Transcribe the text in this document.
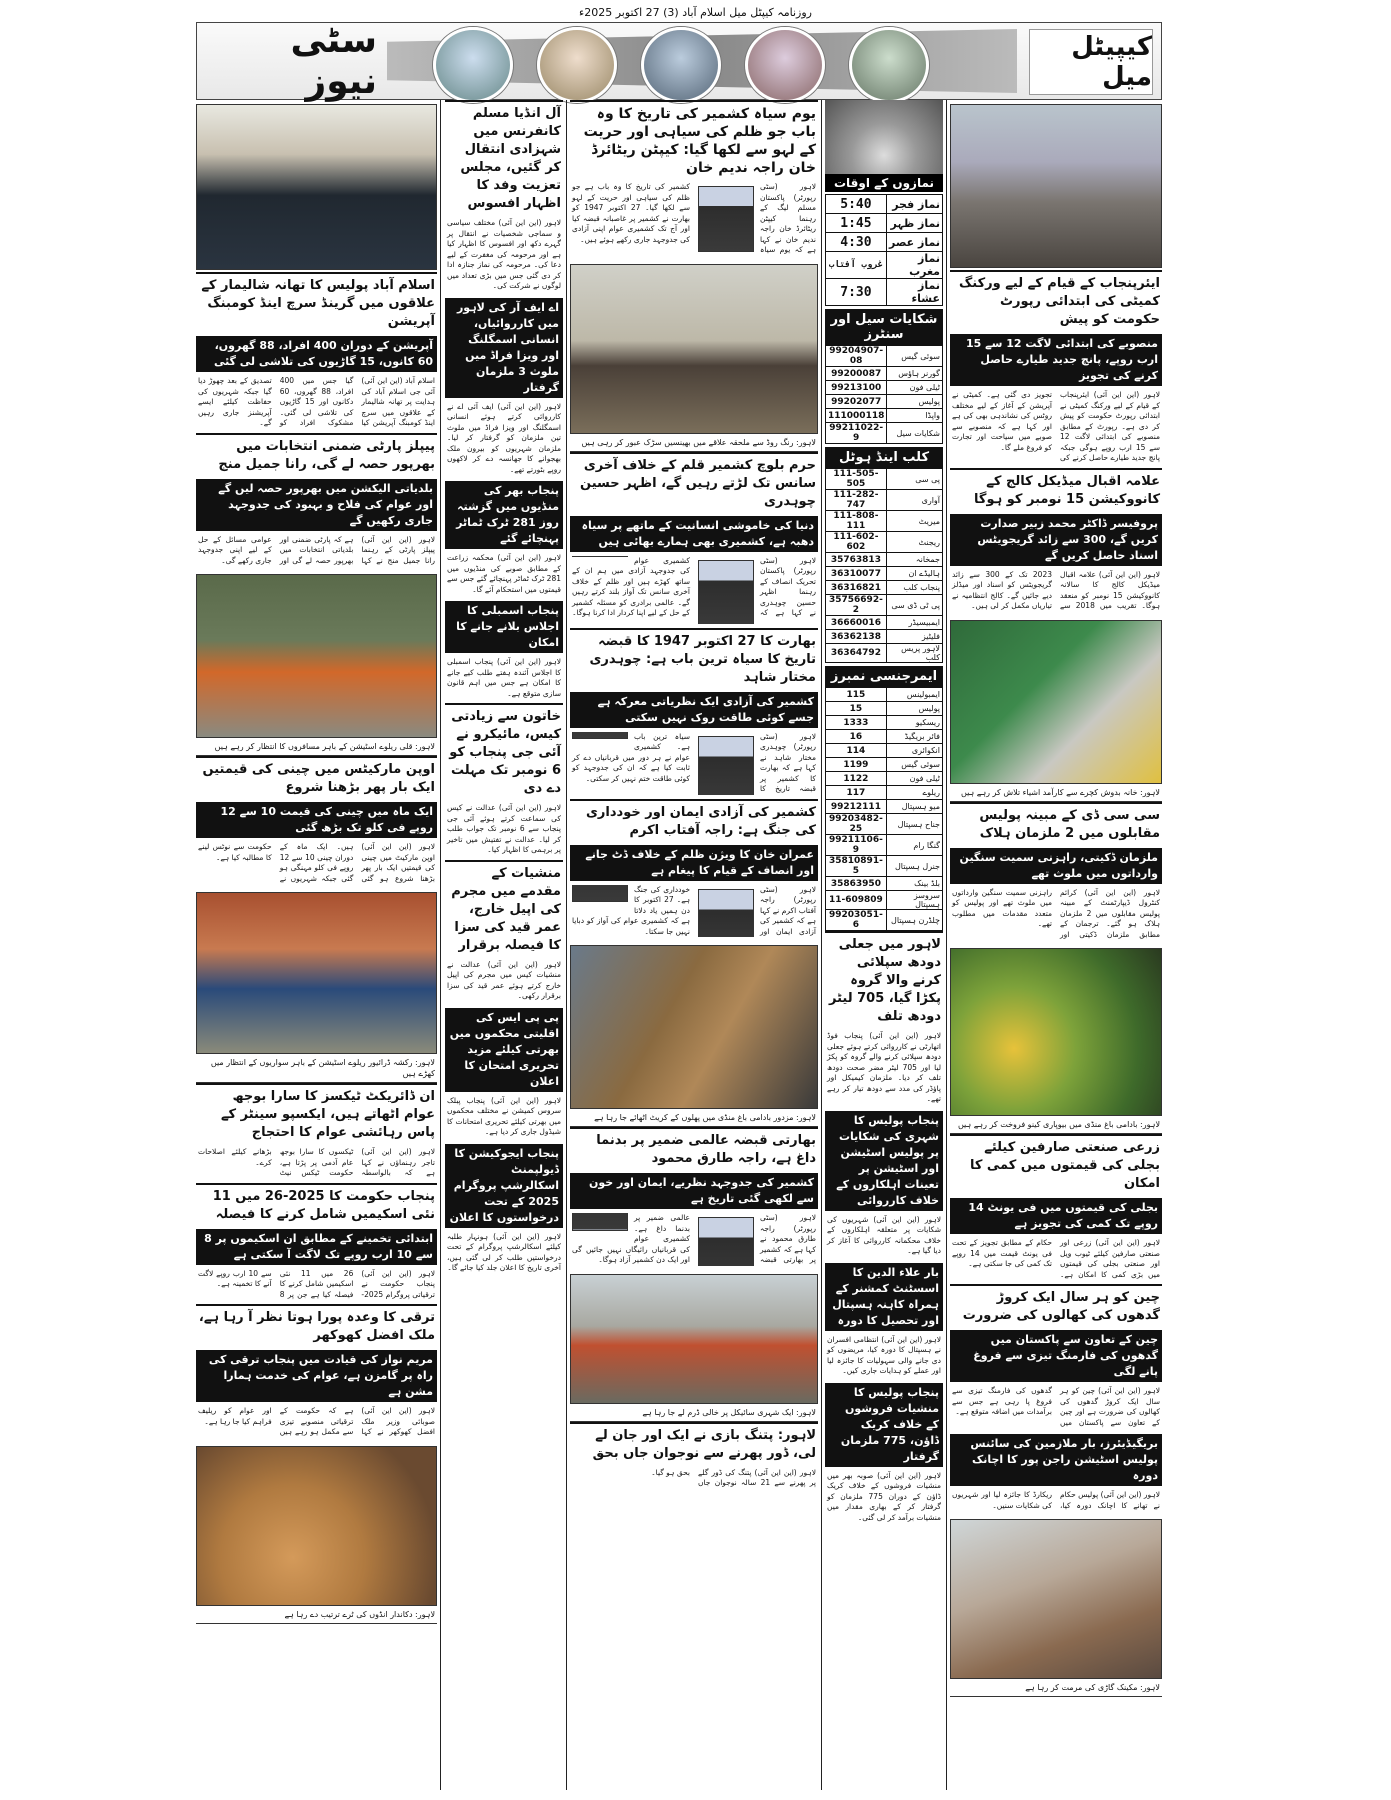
روزنامہ کیپٹل میل اسلام آباد (3) 27 اکتوبر 2025ء
کیپیٹل میل
سٹی نیوز
ایئرپنجاب کے قیام کے لیے ورکنگ کمیٹی کی ابتدائی رپورٹ حکومت کو پیش
منصوبے کی ابتدائی لاگت 12 سے 15 ارب روپے، پانچ جدید طیارے حاصل کرنے کی تجویز
لاہور (این این آئی) ایئرپنجاب کے قیام کے لیے ورکنگ کمیٹی نے ابتدائی رپورٹ حکومت کو پیش کر دی ہے۔ رپورٹ کے مطابق منصوبے کی ابتدائی لاگت 12 سے 15 ارب روپے ہوگی جبکہ پانچ جدید طیارے حاصل کرنے کی تجویز دی گئی ہے۔ کمیٹی نے آپریشن کے آغاز کے لیے مختلف روٹس کی نشاندہی بھی کی ہے اور کہا ہے کہ منصوبے سے صوبے میں سیاحت اور تجارت کو فروغ ملے گا۔
علامہ اقبال میڈیکل کالج کے کانووکیشن 15 نومبر کو ہوگا
پروفیسر ڈاکٹر محمد زبیر صدارت کریں گے، 300 سے زائد گریجویٹس اسناد حاصل کریں گے
لاہور (این این آئی) علامہ اقبال میڈیکل کالج کا سالانہ کانووکیشن 15 نومبر کو منعقد ہوگا۔ تقریب میں 2018 سے 2023 تک کے 300 سے زائد گریجویٹس کو اسناد اور میڈلز دیے جائیں گے۔ کالج انتظامیہ نے تیاریاں مکمل کر لی ہیں۔
لاہور: خانہ بدوش کچرے سے کارآمد اشیاء تلاش کر رہے ہیں
سی سی ڈی کے مبینہ پولیس مقابلوں میں 2 ملزمان ہلاک
ملزمان ڈکیتی، راہزنی سمیت سنگین وارداتوں میں ملوث تھے
لاہور (این این آئی) کرائم کنٹرول ڈیپارٹمنٹ کے مبینہ پولیس مقابلوں میں 2 ملزمان ہلاک ہو گئے۔ ترجمان کے مطابق ملزمان ڈکیتی اور راہزنی سمیت سنگین وارداتوں میں ملوث تھے اور پولیس کو متعدد مقدمات میں مطلوب تھے۔
لاہور: بادامی باغ منڈی میں بیوپاری کینو فروخت کر رہے ہیں
زرعی صنعتی صارفین کیلئے بجلی کی قیمتوں میں کمی کا امکان
بجلی کی قیمتوں میں فی یونٹ 14 روپے تک کمی کی تجویز ہے
لاہور (این این آئی) زرعی اور صنعتی صارفین کیلئے ٹیوب ویل اور صنعتی بجلی کی قیمتوں میں بڑی کمی کا امکان ہے۔ حکام کے مطابق تجویز کے تحت فی یونٹ قیمت میں 14 روپے تک کمی کی جا سکتی ہے۔
چین کو ہر سال ایک کروڑ گدھوں کی کھالوں کی ضرورت
چین کے تعاون سے پاکستان میں گدھوں کی فارمنگ تیزی سے فروغ پانے لگی
لاہور (این این آئی) چین کو ہر سال ایک کروڑ گدھوں کی کھالوں کی ضرورت ہے اور چین کے تعاون سے پاکستان میں گدھوں کی فارمنگ تیزی سے فروغ پا رہی ہے جس سے برآمدات میں اضافہ متوقع ہے۔
بریگیڈیئرز، بار ملازمین کی سائنس پولیس اسٹیشن راجن پور کا اچانک دورہ
لاہور (این این آئی) پولیس حکام نے تھانے کا اچانک دورہ کیا، ریکارڈ کا جائزہ لیا اور شہریوں کی شکایات سنیں۔
لاہور: مکینک گاڑی کی مرمت کر رہا ہے
نمازوں کے اوقات
نماز فجر	5:40
نماز ظہر	1:45
نماز عصر	4:30
نماز مغرب	غروب آفتاب
نماز عشاء	7:30
شکایات سیل اور سنٹرز
سوئی گیس	99204907-08
گورنر ہاؤس	99200087
ٹیلی فون	99213100
پولیس	99202077
واپڈا	111000118
شکایات سیل	99211022-9
کلب اینڈ ہوٹل
پی سی	111-505-505
آواری	111-282-747
میریٹ	111-808-111
ریجنٹ	111-602-602
جمخانہ	35763813
ہالیڈے ان	36310077
پنجاب کلب	36316821
پی ٹی ڈی سی	35756692-2
ایمبیسیڈر	36660016
فلیٹیز	36362138
لاہور پریس کلب	36364792
ایمرجنسی نمبرز
ایمبولینس	115
پولیس	15
ریسکیو	1333
فائر بریگیڈ	16
انکوائری	114
سوئی گیس	1199
ٹیلی فون	1122
ریلوے	117
میو ہسپتال	99212111
جناح ہسپتال	99203482-25
گنگا رام	99211106-9
جنرل ہسپتال	35810891-5
بلڈ بینک	35863950
سروسز ہسپتال	11-609809
چلڈرن ہسپتال	99203051-6
لاہور میں جعلی دودھ سپلائی کرنے والا گروہ پکڑا گیا، 705 لیٹر دودھ تلف
لاہور (این این آئی) پنجاب فوڈ اتھارٹی نے کارروائی کرتے ہوئے جعلی دودھ سپلائی کرنے والے گروہ کو پکڑ لیا اور 705 لیٹر مضر صحت دودھ تلف کر دیا۔ ملزمان کیمیکل اور پاؤڈر کی مدد سے دودھ تیار کر رہے تھے۔
پنجاب پولیس کا شہری کی شکایات پر پولیس اسٹیشن اور اسٹیشن پر تعینات اہلکاروں کے خلاف کارروائی
لاہور (این این آئی) شہریوں کی شکایات پر متعلقہ اہلکاروں کے خلاف محکمانہ کارروائی کا آغاز کر دیا گیا ہے۔
بار علاء الدین کا اسسٹنٹ کمشنر کے ہمراہ کاہنہ ہسپتال اور تحصیل کا دورہ
لاہور (این این آئی) انتظامی افسران نے ہسپتال کا دورہ کیا، مریضوں کو دی جانے والی سہولیات کا جائزہ لیا اور عملے کو ہدایات جاری کیں۔
پنجاب پولیس کا منشیات فروشوں کے خلاف کریک ڈاؤن، 775 ملزمان گرفتار
لاہور (این این آئی) صوبہ بھر میں منشیات فروشوں کے خلاف کریک ڈاؤن کے دوران 775 ملزمان کو گرفتار کر کے بھاری مقدار میں منشیات برآمد کر لی گئی۔
یوم سیاہ کشمیر کی تاریخ کا وہ باب جو ظلم کی سیاہی اور حریت کے لہو سے لکھا گیا: کیپٹن ریٹائرڈ خان راجہ ندیم خان
لاہور (سٹی رپورٹر) پاکستان مسلم لیگ کے رہنما کیپٹن ریٹائرڈ خان راجہ ندیم خان نے کہا ہے کہ یوم سیاہ کشمیر کی تاریخ کا وہ باب ہے جو ظلم کی سیاہی اور حریت کے لہو سے لکھا گیا۔ 27 اکتوبر 1947 کو بھارت نے کشمیر پر غاصبانہ قبضہ کیا اور آج تک کشمیری عوام اپنی آزادی کی جدوجہد جاری رکھے ہوئے ہیں۔
لاہور: رنگ روڈ سے ملحقہ علاقے میں بھینسیں سڑک عبور کر رہی ہیں
حرم بلوچ کشمیر قلم کے خلاف آخری سانس تک لڑتے رہیں گے، اظہر حسین چوہدری
دنیا کی خاموشی انسانیت کے ماتھے پر سیاہ دھبہ ہے، کشمیری بھی ہمارے بھائی ہیں
لاہور (سٹی رپورٹر) پاکستان تحریک انصاف کے رہنما اظہر حسین چوہدری نے کہا ہے کہ کشمیری عوام کی جدوجہد آزادی میں ہم ان کے ساتھ کھڑے ہیں اور ظلم کے خلاف آخری سانس تک آواز بلند کرتے رہیں گے۔ عالمی برادری کو مسئلہ کشمیر کے حل کے لیے اپنا کردار ادا کرنا ہوگا۔
بھارت کا 27 اکتوبر 1947 کا قبضہ تاریخ کا سیاہ ترین باب ہے: چوہدری مختار شاہد
کشمیر کی آزادی ایک نظریاتی معرکہ ہے جسے کوئی طاقت روک نہیں سکتی
لاہور (سٹی رپورٹر) چوہدری مختار شاہد نے کہا ہے کہ بھارت کا کشمیر پر قبضہ تاریخ کا سیاہ ترین باب ہے۔ کشمیری عوام نے ہر دور میں قربانیاں دے کر ثابت کیا ہے کہ ان کی جدوجہد کو کوئی طاقت ختم نہیں کر سکتی۔
کشمیر کی آزادی ایمان اور خودداری کی جنگ ہے: راجہ آفتاب اکرم
عمران خان کا ویژن ظلم کے خلاف ڈٹ جانے اور انصاف کے قیام کا پیغام ہے
لاہور (سٹی رپورٹر) راجہ آفتاب اکرم نے کہا ہے کہ کشمیر کی آزادی ایمان اور خودداری کی جنگ ہے۔ 27 اکتوبر کا دن ہمیں یاد دلاتا ہے کہ کشمیری عوام کی آواز کو دبایا نہیں جا سکتا۔
لاہور: مزدور بادامی باغ منڈی میں پھلوں کے کریٹ اٹھائے جا رہا ہے
بھارتی قبضہ عالمی ضمیر پر بدنما داغ ہے، راجہ طارق محمود
کشمیر کی جدوجہد نظریے، ایمان اور خون سے لکھی گئی تاریخ ہے
لاہور (سٹی رپورٹر) راجہ طارق محمود نے کہا ہے کہ کشمیر پر بھارتی قبضہ عالمی ضمیر پر بدنما داغ ہے۔ کشمیری عوام کی قربانیاں رائیگاں نہیں جائیں گی اور ایک دن کشمیر آزاد ہوگا۔
لاہور: ایک شہری سائیکل پر خالی ڈرم لے جا رہا ہے
لاہور: پتنگ بازی نے ایک اور جان لے لی، ڈور پھرنے سے نوجوان جاں بحق
لاہور (این این آئی) پتنگ کی ڈور گلے پر پھرنے سے 21 سالہ نوجوان جاں بحق ہو گیا۔
آل انڈیا مسلم کانفرنس میں شہزادی انتقال کر گئیں، مجلس تعزیت وفد کا اظہار افسوس
لاہور (این این آئی) مختلف سیاسی و سماجی شخصیات نے انتقال پر گہرے دکھ اور افسوس کا اظہار کیا ہے اور مرحومہ کی مغفرت کے لیے دعا کی۔ مرحومہ کی نماز جنازہ ادا کر دی گئی جس میں بڑی تعداد میں لوگوں نے شرکت کی۔
اے ایف آر کی لاہور میں کارروائیاں، انسانی اسمگلنگ اور ویزا فراڈ میں ملوث 3 ملزمان گرفتار
لاہور (این این آئی) ایف آئی اے نے کارروائی کرتے ہوئے انسانی اسمگلنگ اور ویزا فراڈ میں ملوث تین ملزمان کو گرفتار کر لیا۔ ملزمان شہریوں کو بیرون ملک بھجوانے کا جھانسہ دے کر لاکھوں روپے بٹورتے تھے۔
پنجاب بھر کی منڈیوں میں گزشتہ روز 281 ٹرک ٹماٹر پہنچائے گئے
لاہور (این این آئی) محکمہ زراعت کے مطابق صوبے کی منڈیوں میں 281 ٹرک ٹماٹر پہنچائے گئے جس سے قیمتوں میں استحکام آئے گا۔
پنجاب اسمبلی کا اجلاس بلانے جانے کا امکان
لاہور (این این آئی) پنجاب اسمبلی کا اجلاس آئندہ ہفتے طلب کیے جانے کا امکان ہے جس میں اہم قانون سازی متوقع ہے۔
خاتون سے زیادتی کیس، مائیکرو نے آئی جی پنجاب کو 6 نومبر تک مہلت دے دی
لاہور (این این آئی) عدالت نے کیس کی سماعت کرتے ہوئے آئی جی پنجاب سے 6 نومبر تک جواب طلب کر لیا۔ عدالت نے تفتیش میں تاخیر پر برہمی کا اظہار کیا۔
منشیات کے مقدمے میں مجرم کی اپیل خارج، عمر قید کی سزا کا فیصلہ برقرار
لاہور (این این آئی) عدالت نے منشیات کیس میں مجرم کی اپیل خارج کرتے ہوئے عمر قید کی سزا برقرار رکھی۔
پی پی ایس کی اقلیتی محکموں میں بھرتی کیلئے مزید تحریری امتحان کا اعلان
لاہور (این این آئی) پنجاب پبلک سروس کمیشن نے مختلف محکموں میں بھرتی کیلئے تحریری امتحانات کا شیڈول جاری کر دیا ہے۔
پنجاب ایجوکیشن کا ڈیولپمنٹ اسکالرشپ پروگرام 2025 کے تحت درخواستوں کا اعلان
لاہور (این این آئی) ہونہار طلبہ کیلئے اسکالرشپ پروگرام کے تحت درخواستیں طلب کر لی گئی ہیں، آخری تاریخ کا اعلان جلد کیا جائے گا۔
اسلام آباد پولیس کا تھانہ شالیمار کے علاقوں میں گرینڈ سرچ اینڈ کومبنگ آپریشن
آپریشن کے دوران 400 افراد، 88 گھروں، 60 کانوں، 15 گاڑیوں کی تلاشی لی گئی
اسلام آباد (این این آئی) آئی جی اسلام آباد کی ہدایت پر تھانہ شالیمار کے علاقوں میں سرچ اینڈ کومبنگ آپریشن کیا گیا جس میں 400 افراد، 88 گھروں، 60 دکانوں اور 15 گاڑیوں کی تلاشی لی گئی۔ مشکوک افراد کو تصدیق کے بعد چھوڑ دیا گیا جبکہ شہریوں کی حفاظت کیلئے ایسے آپریشنز جاری رہیں گے۔
پیپلز پارٹی ضمنی انتخابات میں بھرپور حصہ لے گی، رانا جمیل منج
بلدیاتی الیکشن میں بھرپور حصہ لیں گے اور عوام کی فلاح و بہبود کی جدوجہد جاری رکھیں گے
لاہور (این این آئی) پیپلز پارٹی کے رہنما رانا جمیل منج نے کہا ہے کہ پارٹی ضمنی اور بلدیاتی انتخابات میں بھرپور حصہ لے گی اور عوامی مسائل کے حل کے لیے اپنی جدوجہد جاری رکھے گی۔
لاہور: قلی ریلوے اسٹیشن کے باہر مسافروں کا انتظار کر رہے ہیں
اوپن مارکیٹس میں چینی کی قیمتیں ایک بار پھر بڑھنا شروع
ایک ماہ میں چینی کی قیمت 10 سے 12 روپے فی کلو تک بڑھ گئی
لاہور (این این آئی) اوپن مارکیٹ میں چینی کی قیمتیں ایک بار پھر بڑھنا شروع ہو گئی ہیں۔ ایک ماہ کے دوران چینی 10 سے 12 روپے فی کلو مہنگی ہو گئی جبکہ شہریوں نے حکومت سے نوٹس لینے کا مطالبہ کیا ہے۔
لاہور: رکشہ ڈرائیور ریلوے اسٹیشن کے باہر سواریوں کے انتظار میں کھڑے ہیں
ان ڈائریکٹ ٹیکسز کا سارا بوجھ عوام اٹھاتے ہیں، ایکسپو سینٹر کے پاس رہائشی عوام کا احتجاج
لاہور (این این آئی) تاجر رہنماؤں نے کہا ہے کہ بالواسطہ ٹیکسوں کا سارا بوجھ عام آدمی پر پڑتا ہے، حکومت ٹیکس نیٹ بڑھانے کیلئے اصلاحات کرے۔
پنجاب حکومت کا 2025-26 میں 11 نئی اسکیمیں شامل کرنے کا فیصلہ
ابتدائی تخمینے کے مطابق ان اسکیموں پر 8 سے 10 ارب روپے تک لاگت آ سکتی ہے
لاہور (این این آئی) پنجاب حکومت نے ترقیاتی پروگرام 2025-26 میں 11 نئی اسکیمیں شامل کرنے کا فیصلہ کیا ہے جن پر 8 سے 10 ارب روپے لاگت آنے کا تخمینہ ہے۔
ترقی کا وعدہ پورا ہوتا نظر آ رہا ہے، ملک افضل کھوکھر
مریم نواز کی قیادت میں پنجاب ترقی کی راہ پر گامزن ہے، عوام کی خدمت ہمارا مشن ہے
لاہور (این این آئی) صوبائی وزیر ملک افضل کھوکھر نے کہا ہے کہ حکومت کے ترقیاتی منصوبے تیزی سے مکمل ہو رہے ہیں اور عوام کو ریلیف فراہم کیا جا رہا ہے۔
لاہور: دکاندار انڈوں کی ٹرے ترتیب دے رہا ہے
